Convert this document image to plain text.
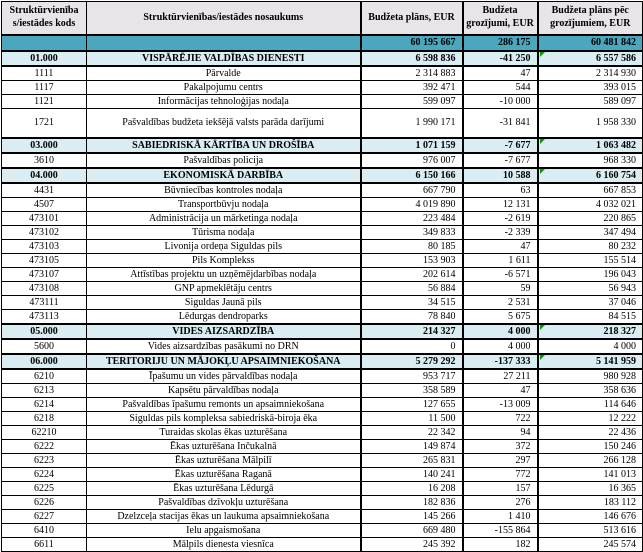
Struktūrvienība s/iestādes kods	Struktūrvienības/iestādes nosaukums	Budžeta plāns, EUR	Budžeta grozījumi, EUR	Budžeta plāns pēc grozījumiem, EUR
		60 195 667	286 175	60 481 842
01.000	VISPĀRĒJIE VALDĪBAS DIENESTI	6 598 836	-41 250	6 557 586
1111	Pārvalde	2 314 883	47	2 314 930
1117	Pakalpojumu centrs	392 471	544	393 015
1121	Informācijas tehnoloģijas nodaļa	599 097	-10 000	589 097
1721	Pašvaldības budžeta iekšējā valsts parāda darījumi	1 990 171	-31 841	1 958 330
03.000	SABIEDRISKĀ KĀRTĪBA UN DROŠĪBA	1 071 159	-7 677	1 063 482
3610	Pašvaldības policija	976 007	-7 677	968 330
04.000	EKONOMISKĀ DARBĪBA	6 150 166	10 588	6 160 754
4431	Būvniecības kontroles nodaļa	667 790	63	667 853
4507	Transportbūvju nodaļa	4 019 890	12 131	4 032 021
473101	Administrācija un mārketinga nodaļa	223 484	-2 619	220 865
473102	Tūrisma nodaļa	349 833	-2 339	347 494
473103	Livonija ordeņa Siguldas pils	80 185	47	80 232
473105	Pils Komplekss	153 903	1 611	155 514
473107	Attīstības projektu un uzņēmējdarbības nodaļa	202 614	-6 571	196 043
473108	GNP apmeklētāju centrs	56 884	59	56 943
473111	Siguldas Jaunā pils	34 515	2 531	37 046
473113	Lēdurgas dendroparks	78 840	5 675	84 515
05.000	VIDES AIZSARDZĪBA	214 327	4 000	218 327
5600	Vides aizsardzības pasākumi no DRN	0	4 000	4 000
06.000	TERITORIJU UN MĀJOKĻU APSAIMNIEKOŠANA	5 279 292	-137 333	5 141 959
6210	Īpašumu un vides pārvaldības nodaļa	953 717	27 211	980 928
6213	Kapsētu pārvaldības nodaļa	358 589	47	358 636
6214	Pašvaldības īpašumu remonts un apsaimniekošana	127 655	-13 009	114 646
6218	Siguldas pils kompleksa sabiedriskā-biroja ēka	11 500	722	12 222
62210	Turaidas skolas ēkas uzturēšana	22 342	94	22 436
6222	Ēkas uzturēšana Inčukalnā	149 874	372	150 246
6223	Ēkas uzturēšana Mālpilī	265 831	297	266 128
6224	Ēkas uzturēšana Raganā	140 241	772	141 013
6225	Ēkas uzturēšana Lēdurgā	16 208	157	16 365
6226	Pašvaldības dzīvokļu uzturēšana	182 836	276	183 112
6227	Dzelzceļa stacijas ēkas un laukuma apsaimniekošana	145 266	1 410	146 676
6410	Ielu apgaismošana	669 480	-155 864	513 616
6611	Mālpils dienesta viesnīca	245 392	182	245 574
